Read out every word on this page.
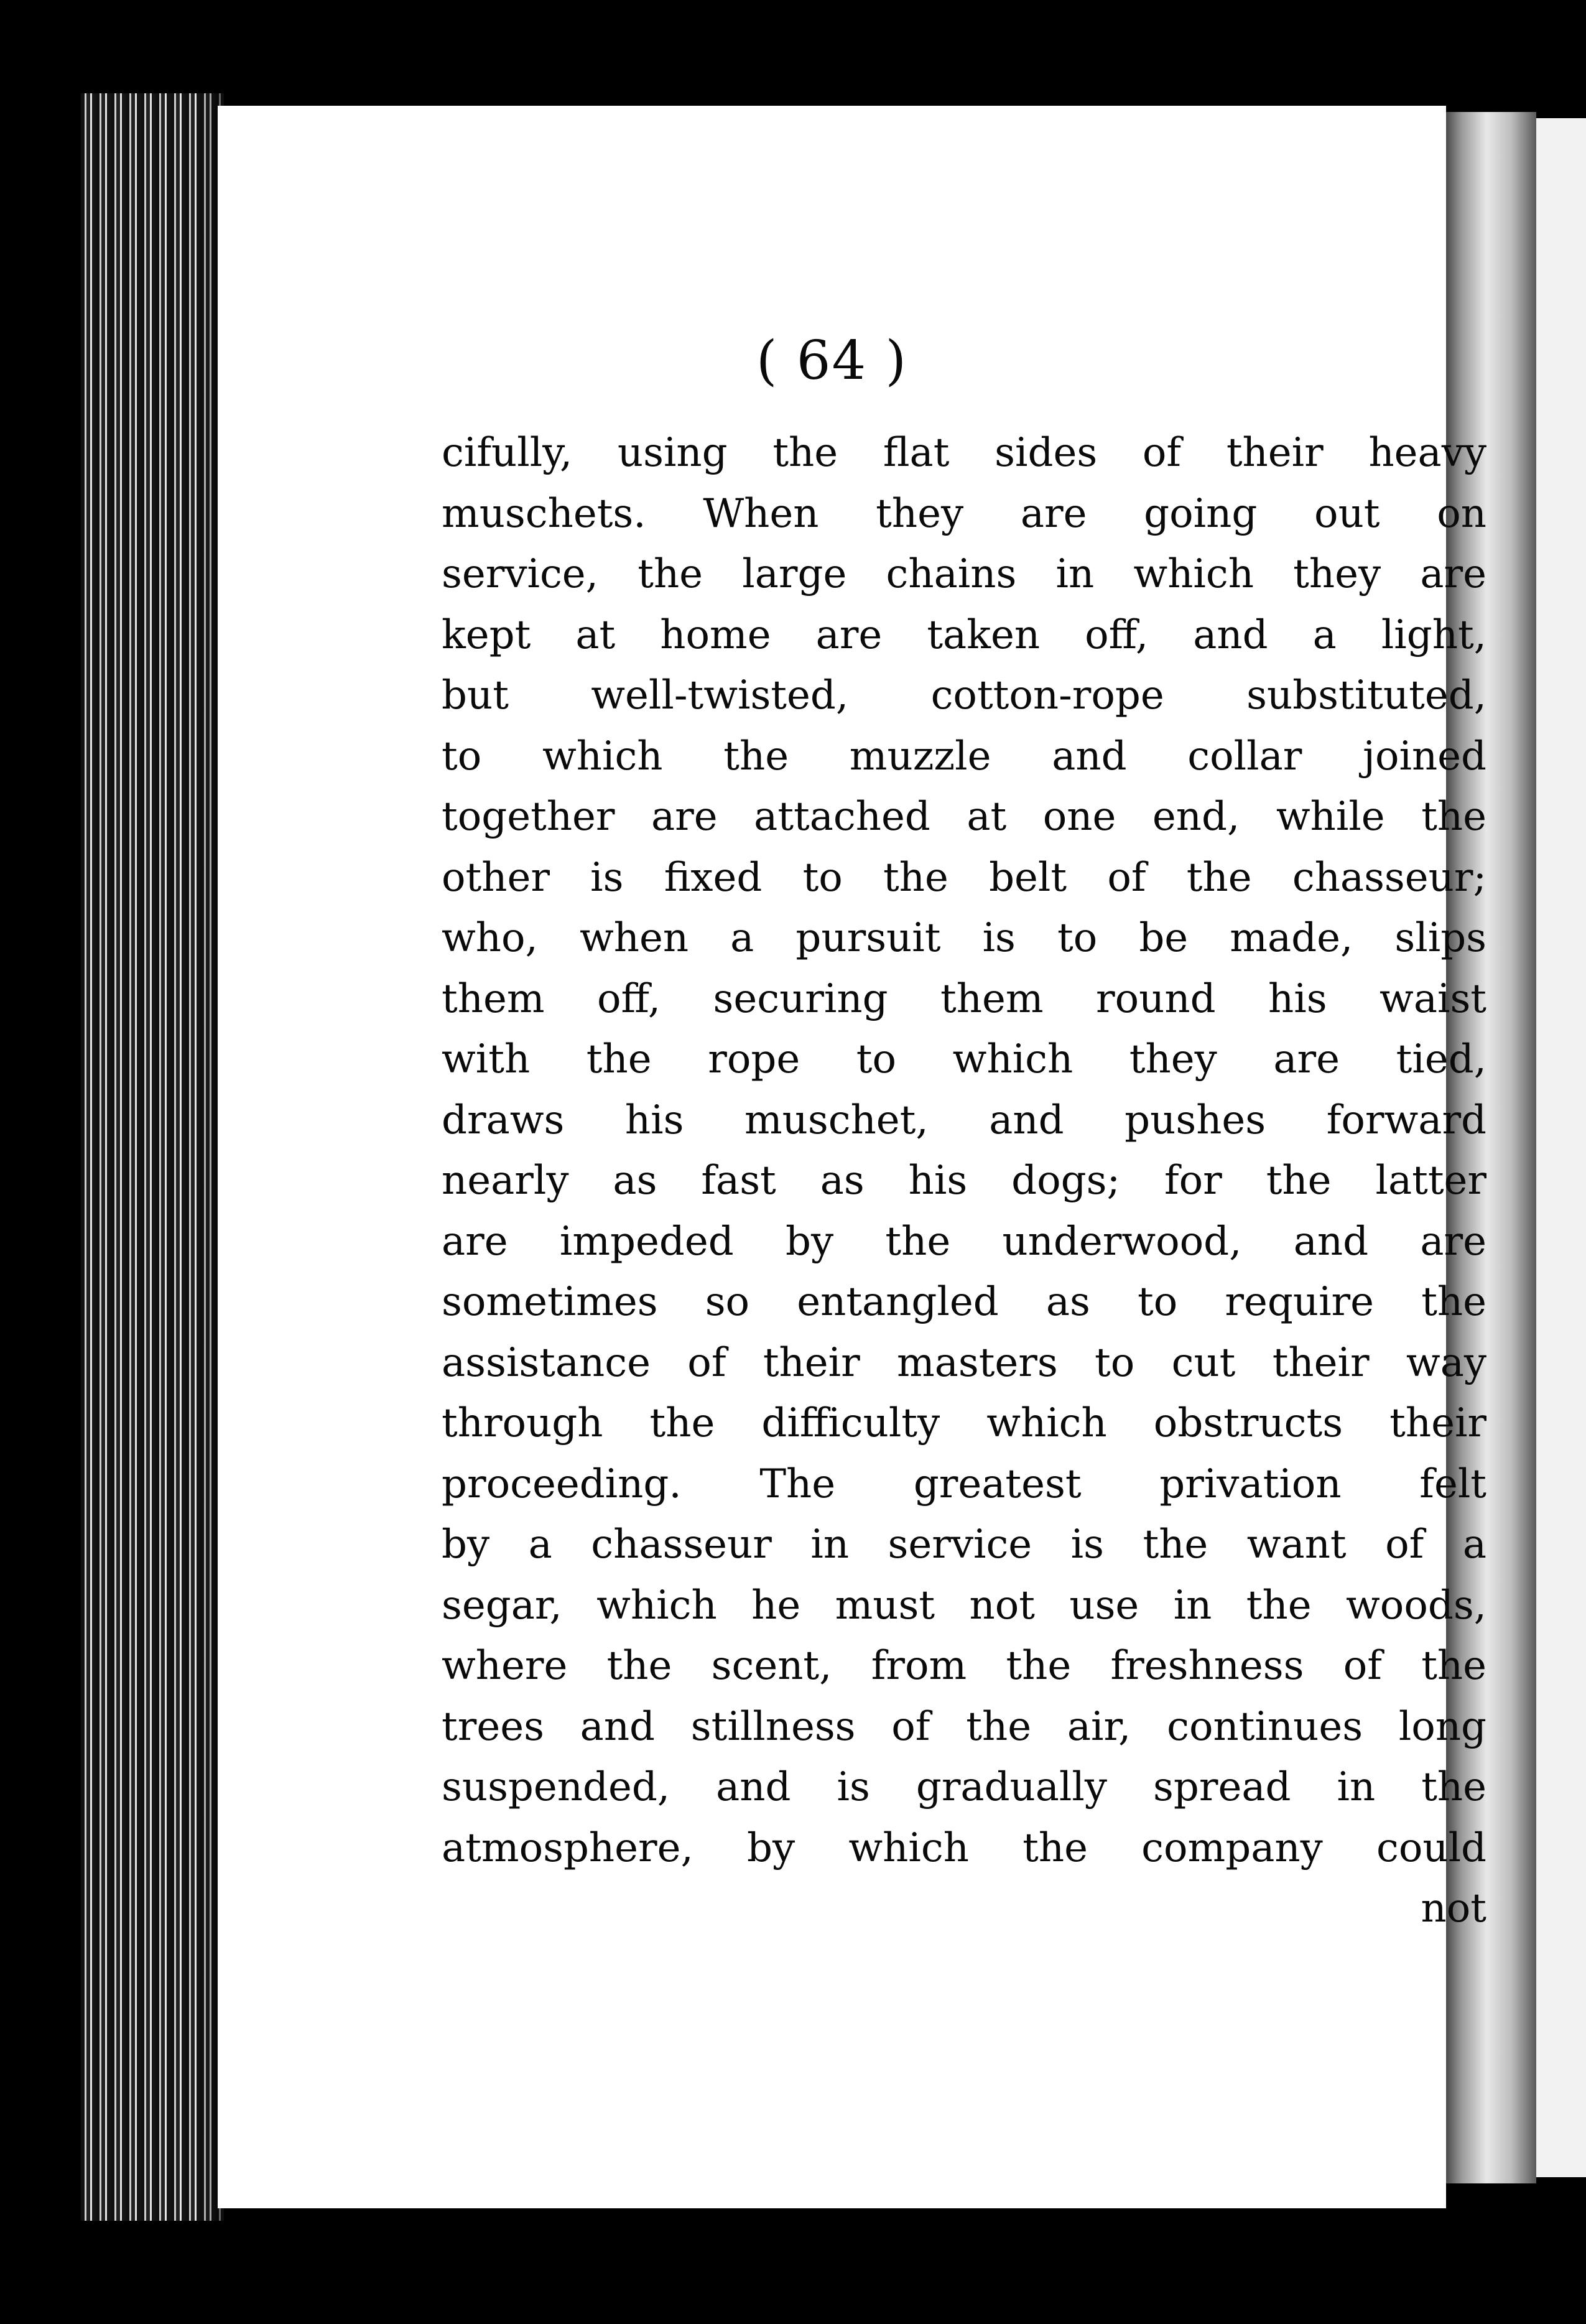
( 64 )
cifully, using the flat sides of their heavy
muschets. When they are going out on
service, the large chains in which they are
kept at home are taken off, and a light,
but well-twisted, cotton-rope substituted,
to which the muzzle and collar joined
together are attached at one end, while the
other is fixed to the belt of the chasseur;
who, when a pursuit is to be made, slips
them off, securing them round his waist
with the rope to which they are tied,
draws his muschet, and pushes forward
nearly as fast as his dogs; for the latter
are impeded by the underwood, and are
sometimes so entangled as to require the
assistance of their masters to cut their way
through the difficulty which obstructs their
proceeding. The greatest privation felt
by a chasseur in service is the want of a
segar, which he must not use in the woods,
where the scent, from the freshness of the
trees and stillness of the air, continues long
suspended, and is gradually spread in the
atmosphere, by which the company could
not
